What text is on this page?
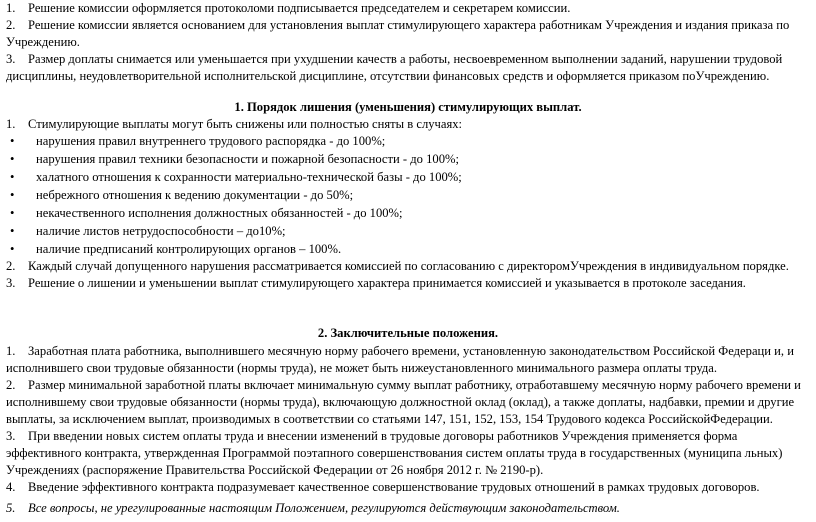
1. Решение комиссии оформляется протоколоми подписывается председателем и секретарем комиссии.
2. Решение комиссии является основанием для установления выплат стимулирующего характера работникам Учреждения и издания приказа по
Учреждению.
3. Размер доплаты снимается или уменьшается при ухудшении качеств а работы, несвоевременном выполнении заданий, нарушении трудовой
дисциплины, неудовлетворительной исполнительской дисциплине, отсутствии финансовых средств и оформляется приказом поУчреждению.
1. Порядок лишения (уменьшения) стимулирующих выплат.
1. Стимулирующие выплаты могут быть снижены или полностью сняты в случаях:
• нарушения правил внутреннего трудового распорядка - до 100%;
• нарушения правил техники безопасности и пожарной безопасности - до 100%;
• халатного отношения к сохранности материально-технической базы - до 100%;
• небрежного отношения к ведению документации - до 50%;
• некачественного исполнения должностных обязанностей - до 100%;
• наличие листов нетрудоспособности – до10%;
• наличие предписаний контролирующих органов – 100%.
2. Каждый случай допущенного нарушения рассматривается комиссией по согласованию с директоромУчреждения в индивидуальном порядке.
3. Решение о лишении и уменьшении выплат стимулирующего характера принимается комиссией и указывается в протоколе заседания.
2. Заключительные положения.
1. Заработная плата работника, выполнившего месячную норму рабочего времени, установленную законодательством Российской Федераци и, и
исполнившего свои трудовые обязанности (нормы труда), не может быть нижеустановленного минимального размера оплаты труда.
2. Размер минимальной заработной платы включает минимальную сумму выплат работнику, отработавшему месячную норму рабочего времени и
исполнившему свои трудовые обязанности (нормы труда), включающую должностной оклад (оклад), а также доплаты, надбавки, премии и другие
выплаты, за исключением выплат, производимых в соответствии со статьями 147, 151, 152, 153, 154 Трудового кодекса РоссийскойФедерации.
3. При введении новых систем оплаты труда и внесении изменений в трудовые договоры работников Учреждения применяется форма
эффективного контракта, утвержденная Программой поэтапного совершенствования систем оплаты труда в государственных (муниципа льных)
Учреждениях (распоряжение Правительства Российской Федерации от 26 ноября 2012 г. № 2190-р).
4. Введение эффективного контракта подразумевает качественное совершенствование трудовых отношений в рамках трудовых договоров.
5. Все вопросы, не урегулированные настоящим Положением, регулируются действующим законодательством.
